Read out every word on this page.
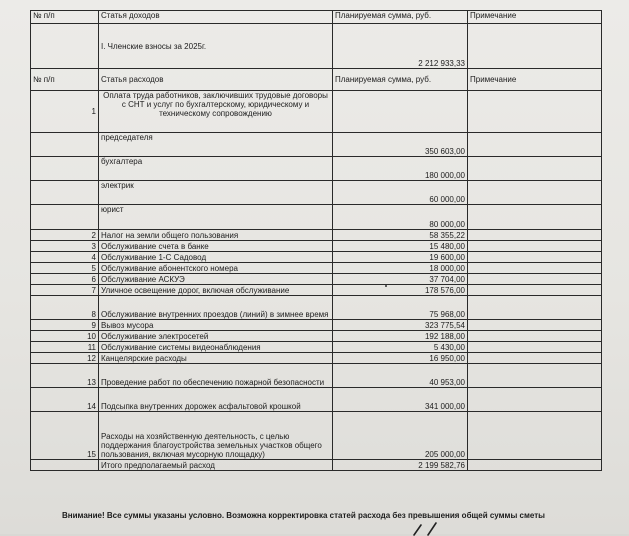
№ п/п	Статья доходов	Планируемая сумма, руб.	Примечание
	I. Членские взносы за 2025г.	2 212 933,33	
№ п/п	Статья расходов	Планируемая сумма, руб.	Примечание
1	Оплата труда работников, заключивших трудовые договоры с СНТ и услуг по бухгалтерскому, юридическому и техническому сопровождению		
	председателя	350 603,00	
	бухгалтера	180 000,00	
	электрик	60 000,00	
	юрист	80 000,00	
2	Налог на земли общего пользования	58 355,22	
3	Обслуживание счета в банке	15 480,00	
4	Обслуживание 1-С Садовод	19 600,00	
5	Обслуживание абонентского номера	18 000,00	
6	Обслуживание АСКУЭ	37 704,00	
7	Уличное освещение дорог, включая обслуживание	178 576,00	
8	Обслуживание внутренних проездов (линий) в зимнее время	75 968,00	
9	Вывоз мусора	323 775,54	
10	Обслуживание электросетей	192 188,00	
11	Обслуживание системы видеонаблюдения	5 430,00	
12	Канцелярские расходы	16 950,00	
13	Проведение работ по обеспечению пожарной безопасности	40 953,00	
14	Подсыпка внутренних дорожек асфальтовой крошкой	341 000,00	
15	Расходы на хозяйственную деятельность, с целью поддержания благоустройства земельных участков общего пользования, включая мусорную площадку)	205 000,00	
	Итого предполагаемый расход	2 199 582,76	
Внимание! Все суммы указаны условно. Возможна корректировка статей расхода без превышения общей суммы сметы
